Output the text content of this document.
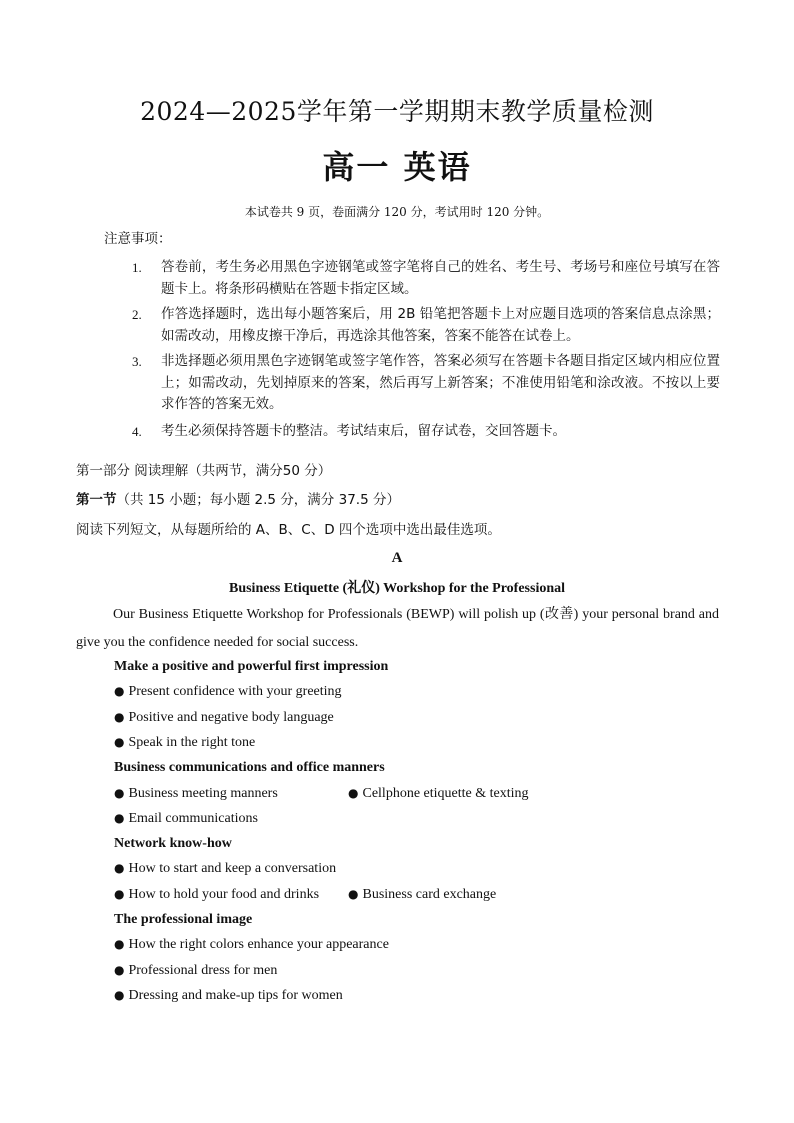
2024—2025学年第一学期期末教学质量检测
高一 英语
本试卷共 9 页，卷面满分 120 分，考试用时 120 分钟。
注意事项：
1. 答卷前，考生务必用黑色字迹钢笔或签字笔将自己的姓名、考生号、考场号和座位号填写在答题卡上。将条形码横贴在答题卡指定区域。
2. 作答选择题时，选出每小题答案后，用 2B 铅笔把答题卡上对应题目选项的答案信息点涂黑；如需改动，用橡皮擦干净后，再选涂其他答案，答案不能答在试卷上。
3. 非选择题必须用黑色字迹钢笔或签字笔作答，答案必须写在答题卡各题目指定区域内相应位置上；如需改动，先划掉原来的答案，然后再写上新答案；不准使用铅笔和涂改液。不按以上要求作答的答案无效。
4. 考生必须保持答题卡的整洁。考试结束后，留存试卷，交回答题卡。
第一部分 阅读理解（共两节，满分50 分）
第一节（共 15 小题；每小题 2.5 分，满分 37.5 分）
阅读下列短文，从每题所给的 A、B、C、D 四个选项中选出最佳选项。
A
Business Etiquette (礼仪) Workshop for the Professional
Our Business Etiquette Workshop for Professionals (BEWP) will polish up (改善) your personal brand and give you the confidence needed for social success.
Make a positive and powerful first impression
● Present confidence with your greeting
● Positive and negative body language
● Speak in the right tone
Business communications and office manners
● Business meeting manners	● Cellphone etiquette & texting
● Email communications
Network know-how
● How to start and keep a conversation
● How to hold your food and drinks ● Business card exchange
The professional image
● How the right colors enhance your appearance
● Professional dress for men
● Dressing and make-up tips for women
